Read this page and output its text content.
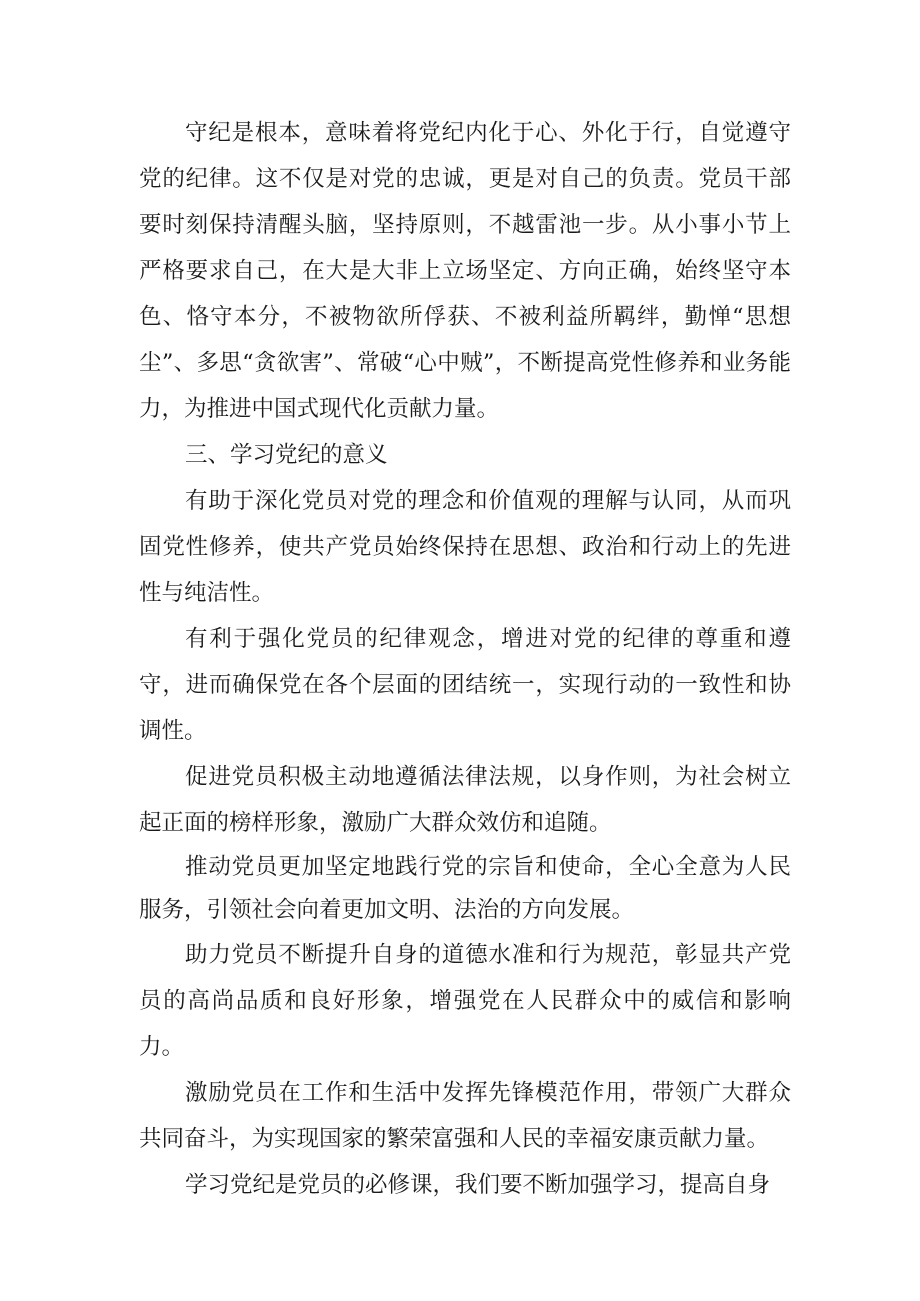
守纪是根本，意味着将党纪内化于心、外化于行，自觉遵守党的纪律。这不仅是对党的忠诚，更是对自己的负责。党员干部要时刻保持清醒头脑，坚持原则，不越雷池一步。从小事小节上严格要求自己，在大是大非上立场坚定、方向正确，始终坚守本色、恪守本分，不被物欲所俘获、不被利益所羁绊，勤惮“思想尘”、多思“贪欲害”、常破“心中贼”，不断提高党性修养和业务能力，为推进中国式现代化贡献力量。

三、学习党纪的意义

有助于深化党员对党的理念和价值观的理解与认同，从而巩固党性修养，使共产党员始终保持在思想、政治和行动上的先进性与纯洁性。

有利于强化党员的纪律观念，增进对党的纪律的尊重和遵守，进而确保党在各个层面的团结统一，实现行动的一致性和协调性。

促进党员积极主动地遵循法律法规，以身作则，为社会树立起正面的榜样形象，激励广大群众效仿和追随。

推动党员更加坚定地践行党的宗旨和使命，全心全意为人民服务，引领社会向着更加文明、法治的方向发展。

助力党员不断提升自身的道德水准和行为规范，彰显共产党员的高尚品质和良好形象，增强党在人民群众中的威信和影响力。

激励党员在工作和生活中发挥先锋模范作用，带领广大群众共同奋斗，为实现国家的繁荣富强和人民的幸福安康贡献力量。

学习党纪是党员的必修课，我们要不断加强学习，提高自身
